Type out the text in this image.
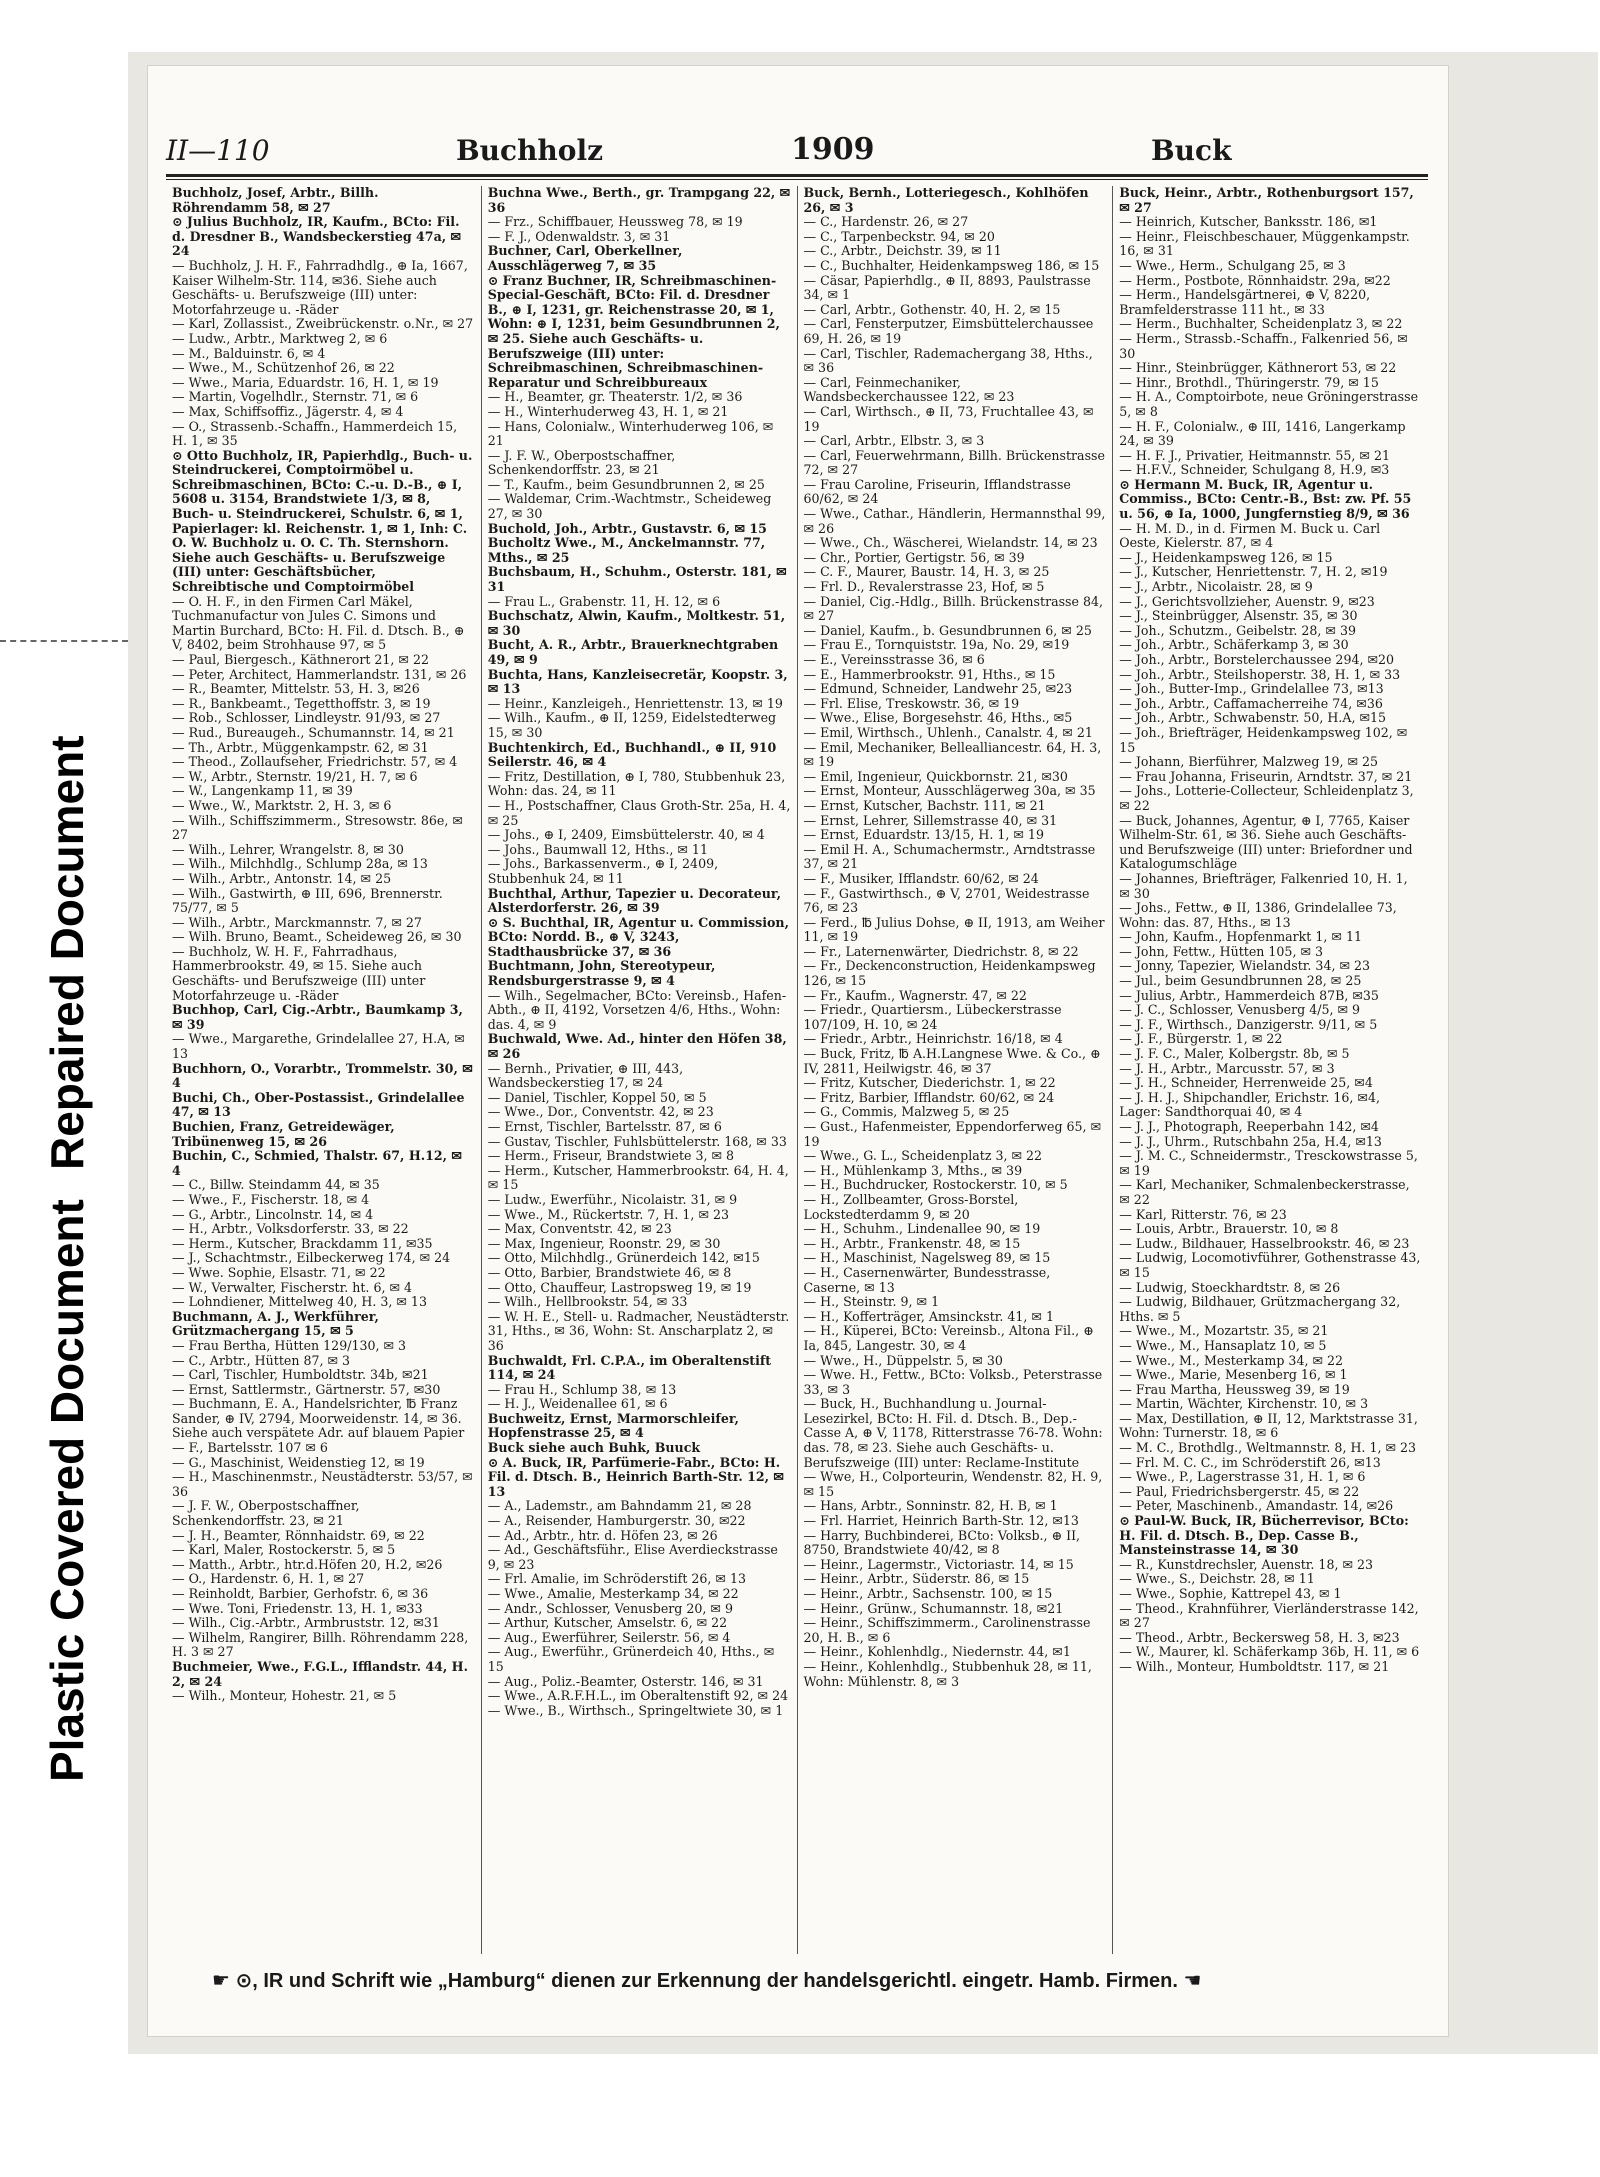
Repaired Document
Plastic Covered Document
II—110	Buchholz	1909	Buck

Buchholz, Josef, Arbtr., Billh. Röhrendamm 58, ✉ 27

⊙ Julius Buchholz, IR, Kaufm., BCto: Fil. d. Dresdner B., Wandsbeckerstieg 47a, ✉ 24

— Buchholz, J. H. F., Fahrradhdlg., ⊕ Ia, 1667, Kaiser Wilhelm-Str. 114, ✉36. Siehe auch Geschäfts- u. Berufszweige (III) unter: Motorfahrzeuge u. -Räder

— Karl, Zollassist., Zweibrückenstr. o.Nr., ✉ 27

— Ludw., Arbtr., Marktweg 2, ✉ 6

— M., Balduinstr. 6, ✉ 4

— Wwe., M., Schützenhof 26, ✉ 22

— Wwe., Maria, Eduardstr. 16, H. 1, ✉ 19

— Martin, Vogelhdlr., Sternstr. 71, ✉ 6

— Max, Schiffsoffiz., Jägerstr. 4, ✉ 4

— O., Strassenb.-Schaffn., Hammerdeich 15, H. 1, ✉ 35

⊙ Otto Buchholz, IR, Papierhdlg., Buch- u. Steindruckerei, Comptoirmöbel u. Schreibmaschinen, BCto: C.-u. D.-B., ⊕ I, 5608 u. 3154, Brandstwiete 1/3, ✉ 8, Buch- u. Steindruckerei, Schulstr. 6, ✉ 1, Papierlager: kl. Reichenstr. 1, ✉ 1, Inh: C. O. W. Buchholz u. O. C. Th. Sternshorn. Siehe auch Geschäfts- u. Berufszweige (III) unter: Geschäftsbücher, Schreibtische und Comptoirmöbel

— O. H. F., in den Firmen Carl Mäkel, Tuchmanufactur von Jules C. Simons und Martin Burchard, BCto: H. Fil. d. Dtsch. B., ⊕ V, 8402, beim Strohhause 97, ✉ 5

— Paul, Biergesch., Käthnerort 21, ✉ 22

— Peter, Architect, Hammerlandstr. 131, ✉ 26

— R., Beamter, Mittelstr. 53, H. 3, ✉26

— R., Bankbeamt., Tegetthoffstr. 3, ✉ 19

— Rob., Schlosser, Lindleystr. 91/93, ✉ 27

— Rud., Bureaugeh., Schumannstr. 14, ✉ 21

— Th., Arbtr., Müggenkampstr. 62, ✉ 31

— Theod., Zollaufseher, Friedrichstr. 57, ✉ 4

— W., Arbtr., Sternstr. 19/21, H. 7, ✉ 6

— W., Langenkamp 11, ✉ 39

— Wwe., W., Marktstr. 2, H. 3, ✉ 6

— Wilh., Schiffszimmerm., Stresowstr. 86e, ✉ 27

— Wilh., Lehrer, Wrangelstr. 8, ✉ 30

— Wilh., Milchhdlg., Schlump 28a, ✉ 13

— Wilh., Arbtr., Antonstr. 14, ✉ 25

— Wilh., Gastwirth, ⊕ III, 696, Brennerstr. 75/77, ✉ 5

— Wilh., Arbtr., Marckmannstr. 7, ✉ 27

— Wilh. Bruno, Beamt., Scheideweg 26, ✉ 30

— Buchholz, W. H. F., Fahrradhaus, Hammerbrookstr. 49, ✉ 15. Siehe auch Geschäfts- und Berufszweige (III) unter Motorfahrzeuge u. -Räder

Buchhop, Carl, Cig.-Arbtr., Baumkamp 3, ✉ 39

— Wwe., Margarethe, Grindelallee 27, H.A, ✉ 13

Buchhorn, O., Vorarbtr., Trommelstr. 30, ✉ 4

Buchi, Ch., Ober-Postassist., Grindelallee 47, ✉ 13

Buchien, Franz, Getreidewäger, Tribünenweg 15, ✉ 26

Buchin, C., Schmied, Thalstr. 67, H.12, ✉ 4

— C., Billw. Steindamm 44, ✉ 35

— Wwe., F., Fischerstr. 18, ✉ 4

— G., Arbtr., Lincolnstr. 14, ✉ 4

— H., Arbtr., Volksdorferstr. 33, ✉ 22

— Herm., Kutscher, Brackdamm 11, ✉35

— J., Schachtmstr., Eilbeckerweg 174, ✉ 24

— Wwe. Sophie, Elsastr. 71, ✉ 22

— W., Verwalter, Fischerstr. ht. 6, ✉ 4

— Lohndiener, Mittelweg 40, H. 3, ✉ 13

Buchmann, A. J., Werkführer, Grützmachergang 15, ✉ 5

— Frau Bertha, Hütten 129/130, ✉ 3

— C., Arbtr., Hütten 87, ✉ 3

— Carl, Tischler, Humboldtstr. 34b, ✉21

— Ernst, Sattlermstr., Gärtnerstr. 57, ✉30

— Buchmann, E. A., Handelsrichter, ℔ Franz Sander, ⊕ IV, 2794, Moorweidenstr. 14, ✉ 36. Siehe auch verspätete Adr. auf blauem Papier

— F., Bartelsstr. 107 ✉ 6

— G., Maschinist, Weidenstieg 12, ✉ 19

— H., Maschinenmstr., Neustädterstr. 53/57, ✉ 36

— J. F. W., Oberpostschaffner, Schenkendorffstr. 23, ✉ 21

— J. H., Beamter, Rönnhaidstr. 69, ✉ 22

— Karl, Maler, Rostockerstr. 5, ✉ 5

— Matth., Arbtr., htr.d.Höfen 20, H.2, ✉26

— O., Hardenstr. 6, H. 1, ✉ 27

— Reinholdt, Barbier, Gerhofstr. 6, ✉ 36

— Wwe. Toni, Friedenstr. 13, H. 1, ✉33

— Wilh., Cig.-Arbtr., Armbruststr. 12, ✉31

— Wilhelm, Rangirer, Billh. Röhrendamm 228, H. 3 ✉ 27

Buchmeier, Wwe., F.G.L., Ifflandstr. 44, H. 2, ✉ 24

— Wilh., Monteur, Hohestr. 21, ✉ 5

Buchna Wwe., Berth., gr. Trampgang 22, ✉ 36

— Frz., Schiffbauer, Heussweg 78, ✉ 19

— F. J., Odenwaldstr. 3, ✉ 31

Buchner, Carl, Oberkellner, Ausschlägerweg 7, ✉ 35

⊙ Franz Buchner, IR, Schreibmaschinen-Special-Geschäft, BCto: Fil. d. Dresdner B., ⊕ I, 1231, gr. Reichenstrasse 20, ✉ 1, Wohn: ⊕ I, 1231, beim Gesundbrunnen 2, ✉ 25. Siehe auch Geschäfts- u. Berufszweige (III) unter: Schreibmaschinen, Schreibmaschinen-Reparatur und Schreibbureaux

— H., Beamter, gr. Theaterstr. 1/2, ✉ 36

— H., Winterhuderweg 43, H. 1, ✉ 21

— Hans, Colonialw., Winterhuderweg 106, ✉ 21

— J. F. W., Oberpostschaffner, Schenkendorffstr. 23, ✉ 21

— T., Kaufm., beim Gesundbrunnen 2, ✉ 25

— Waldemar, Crim.-Wachtmstr., Scheideweg 27, ✉ 30

Buchold, Joh., Arbtr., Gustavstr. 6, ✉ 15

Bucholtz Wwe., M., Anckelmannstr. 77, Mths., ✉ 25

Buchsbaum, H., Schuhm., Osterstr. 181, ✉ 31

— Frau L., Grabenstr. 11, H. 12, ✉ 6

Buchschatz, Alwin, Kaufm., Moltkestr. 51, ✉ 30

Bucht, A. R., Arbtr., Brauerknechtgraben 49, ✉ 9

Buchta, Hans, Kanzleisecretär, Koopstr. 3, ✉ 13

— Heinr., Kanzleigeh., Henriettenstr. 13, ✉ 19

— Wilh., Kaufm., ⊕ II, 1259, Eidelstedterweg 15, ✉ 30

Buchtenkirch, Ed., Buchhandl., ⊕ II, 910 Seilerstr. 46, ✉ 4

— Fritz, Destillation, ⊕ I, 780, Stubbenhuk 23, Wohn: das. 24, ✉ 11

— H., Postschaffner, Claus Groth-Str. 25a, H. 4, ✉ 25

— Johs., ⊕ I, 2409, Eimsbüttelerstr. 40, ✉ 4

— Johs., Baumwall 12, Hths., ✉ 11

— Johs., Barkassenverm., ⊕ I, 2409, Stubbenhuk 24, ✉ 11

Buchthal, Arthur, Tapezier u. Decorateur, Alsterdorferstr. 26, ✉ 39

⊙ S. Buchthal, IR, Agentur u. Commission, BCto: Nordd. B., ⊕ V, 3243, Stadthausbrücke 37, ✉ 36

Buchtmann, John, Stereotypeur, Rendsburgerstrasse 9, ✉ 4

— Wilh., Segelmacher, BCto: Vereinsb., Hafen-Abth., ⊕ II, 4192, Vorsetzen 4/6, Hths., Wohn: das. 4, ✉ 9

Buchwald, Wwe. Ad., hinter den Höfen 38, ✉ 26

— Bernh., Privatier, ⊕ III, 443, Wandsbeckerstieg 17, ✉ 24

— Daniel, Tischler, Koppel 50, ✉ 5

— Wwe., Dor., Conventstr. 42, ✉ 23

— Ernst, Tischler, Bartelsstr. 87, ✉ 6

— Gustav, Tischler, Fuhlsbüttelerstr. 168, ✉ 33

— Herm., Friseur, Brandstwiete 3, ✉ 8

— Herm., Kutscher, Hammerbrookstr. 64, H. 4, ✉ 15

— Ludw., Ewerführ., Nicolaistr. 31, ✉ 9

— Wwe., M., Rückertstr. 7, H. 1, ✉ 23

— Max, Conventstr. 42, ✉ 23

— Max, Ingenieur, Roonstr. 29, ✉ 30

— Otto, Milchhdlg., Grünerdeich 142, ✉15

— Otto, Barbier, Brandstwiete 46, ✉ 8

— Otto, Chauffeur, Lastropsweg 19, ✉ 19

— Wilh., Hellbrookstr. 54, ✉ 33

— W. H. E., Stell- u. Radmacher, Neustädterstr. 31, Hths., ✉ 36, Wohn: St. Anscharplatz 2, ✉ 36

Buchwaldt, Frl. C.P.A., im Oberaltenstift 114, ✉ 24

— Frau H., Schlump 38, ✉ 13

— H. J., Weidenallee 61, ✉ 6

Buchweitz, Ernst, Marmorschleifer, Hopfenstrasse 25, ✉ 4

Buck siehe auch Buhk, Buuck

⊙ A. Buck, IR, Parfümerie-Fabr., BCto: H. Fil. d. Dtsch. B., Heinrich Barth-Str. 12, ✉ 13

— A., Lademstr., am Bahndamm 21, ✉ 28

— A., Reisender, Hamburgerstr. 30, ✉22

— Ad., Arbtr., htr. d. Höfen 23, ✉ 26

— Ad., Geschäftsführ., Elise Averdieckstrasse 9, ✉ 23

— Frl. Amalie, im Schröderstift 26, ✉ 13

— Wwe., Amalie, Mesterkamp 34, ✉ 22

— Andr., Schlosser, Venusberg 20, ✉ 9

— Arthur, Kutscher, Amselstr. 6, ✉ 22

— Aug., Ewerführer, Seilerstr. 56, ✉ 4

— Aug., Ewerführ., Grünerdeich 40, Hths., ✉ 15

— Aug., Poliz.-Beamter, Osterstr. 146, ✉ 31

— Wwe., A.R.F.H.L., im Oberaltenstift 92, ✉ 24

— Wwe., B., Wirthsch., Springeltwiete 30, ✉ 1

Buck, Bernh., Lotteriegesch., Kohlhöfen 26, ✉ 3

— C., Hardenstr. 26, ✉ 27

— C., Tarpenbeckstr. 94, ✉ 20

— C., Arbtr., Deichstr. 39, ✉ 11

— C., Buchhalter, Heidenkampsweg 186, ✉ 15

— Cäsar, Papierhdlg., ⊕ II, 8893, Paulstrasse 34, ✉ 1

— Carl, Arbtr., Gothenstr. 40, H. 2, ✉ 15

— Carl, Fensterputzer, Eimsbüttelerchaussee 69, H. 26, ✉ 19

— Carl, Tischler, Rademachergang 38, Hths., ✉ 36

— Carl, Feinmechaniker, Wandsbeckerchaussee 122, ✉ 23

— Carl, Wirthsch., ⊕ II, 73, Fruchtallee 43, ✉ 19

— Carl, Arbtr., Elbstr. 3, ✉ 3

— Carl, Feuerwehrmann, Billh. Brückenstrasse 72, ✉ 27

— Frau Caroline, Friseurin, Ifflandstrasse 60/62, ✉ 24

— Wwe., Cathar., Händlerin, Hermannsthal 99, ✉ 26

— Wwe., Ch., Wäscherei, Wielandstr. 14, ✉ 23

— Chr., Portier, Gertigstr. 56, ✉ 39

— C. F., Maurer, Baustr. 14, H. 3, ✉ 25

— Frl. D., Revalerstrasse 23, Hof, ✉ 5

— Daniel, Cig.-Hdlg., Billh. Brückenstrasse 84, ✉ 27

— Daniel, Kaufm., b. Gesundbrunnen 6, ✉ 25

— Frau E., Tornquiststr. 19a, No. 29, ✉19

— E., Vereinsstrasse 36, ✉ 6

— E., Hammerbrookstr. 91, Hths., ✉ 15

— Edmund, Schneider, Landwehr 25, ✉23

— Frl. Elise, Treskowstr. 36, ✉ 19

— Wwe., Elise, Borgesehstr. 46, Hths., ✉5

— Emil, Wirthsch., Uhlenh., Canalstr. 4, ✉ 21

— Emil, Mechaniker, Bellealliancestr. 64, H. 3, ✉ 19

— Emil, Ingenieur, Quickbornstr. 21, ✉30

— Ernst, Monteur, Ausschlägerweg 30a, ✉ 35

— Ernst, Kutscher, Bachstr. 111, ✉ 21

— Ernst, Lehrer, Sillemstrasse 40, ✉ 31

— Ernst, Eduardstr. 13/15, H. 1, ✉ 19

— Emil H. A., Schumachermstr., Arndtstrasse 37, ✉ 21

— F., Musiker, Ifflandstr. 60/62, ✉ 24

— F., Gastwirthsch., ⊕ V, 2701, Weidestrasse 76, ✉ 23

— Ferd., ℔ Julius Dohse, ⊕ II, 1913, am Weiher 11, ✉ 19

— Fr., Laternenwärter, Diedrichstr. 8, ✉ 22

— Fr., Deckenconstruction, Heidenkampsweg 126, ✉ 15

— Fr., Kaufm., Wagnerstr. 47, ✉ 22

— Friedr., Quartiersm., Lübeckerstrasse 107/109, H. 10, ✉ 24

— Friedr., Arbtr., Heinrichstr. 16/18, ✉ 4

— Buck, Fritz, ℔ A.H.Langnese Wwe. & Co., ⊕ IV, 2811, Heilwigstr. 46, ✉ 37

— Fritz, Kutscher, Diederichstr. 1, ✉ 22

— Fritz, Barbier, Ifflandstr. 60/62, ✉ 24

— G., Commis, Malzweg 5, ✉ 25

— Gust., Hafenmeister, Eppendorferweg 65, ✉ 19

— Wwe., G. L., Scheidenplatz 3, ✉ 22

— H., Mühlenkamp 3, Mths., ✉ 39

— H., Buchdrucker, Rostockerstr. 10, ✉ 5

— H., Zollbeamter, Gross-Borstel, Lockstedterdamm 9, ✉ 20

— H., Schuhm., Lindenallee 90, ✉ 19

— H., Arbtr., Frankenstr. 48, ✉ 15

— H., Maschinist, Nagelsweg 89, ✉ 15

— H., Casernenwärter, Bundesstrasse, Caserne, ✉ 13

— H., Steinstr. 9, ✉ 1

— H., Kofferträger, Amsinckstr. 41, ✉ 1

— H., Küperei, BCto: Vereinsb., Altona Fil., ⊕ Ia, 845, Langestr. 30, ✉ 4

— Wwe., H., Düppelstr. 5, ✉ 30

— Wwe. H., Fettw., BCto: Volksb., Peterstrasse 33, ✉ 3

— Buck, H., Buchhandlung u. Journal-Lesezirkel, BCto: H. Fil. d. Dtsch. B., Dep.-Casse A, ⊕ V, 1178, Ritterstrasse 76-78. Wohn: das. 78, ✉ 23. Siehe auch Geschäfts- u. Berufszweige (III) unter: Reclame-Institute

— Wwe, H., Colporteurin, Wendenstr. 82, H. 9, ✉ 15

— Hans, Arbtr., Sonninstr. 82, H. B, ✉ 1

— Frl. Harriet, Heinrich Barth-Str. 12, ✉13

— Harry, Buchbinderei, BCto: Volksb., ⊕ II, 8750, Brandstwiete 40/42, ✉ 8

— Heinr., Lagermstr., Victoriastr. 14, ✉ 15

— Heinr., Arbtr., Süderstr. 86, ✉ 15

— Heinr., Arbtr., Sachsenstr. 100, ✉ 15

— Heinr., Grünw., Schumannstr. 18, ✉21

— Heinr., Schiffszimmerm., Carolinenstrasse 20, H. B., ✉ 6

— Heinr., Kohlenhdlg., Niedernstr. 44, ✉1

— Heinr., Kohlenhdlg., Stubbenhuk 28, ✉ 11, Wohn: Mühlenstr. 8, ✉ 3

Buck, Heinr., Arbtr., Rothenburgsort 157, ✉ 27

— Heinrich, Kutscher, Banksstr. 186, ✉1

— Heinr., Fleischbeschauer, Müggenkampstr. 16, ✉ 31

— Wwe., Herm., Schulgang 25, ✉ 3

— Herm., Postbote, Rönnhaidstr. 29a, ✉22

— Herm., Handelsgärtnerei, ⊕ V, 8220, Bramfelderstrasse 111 ht., ✉ 33

— Herm., Buchhalter, Scheidenplatz 3, ✉ 22

— Herm., Strassb.-Schaffn., Falkenried 56, ✉ 30

— Hinr., Steinbrügger, Käthnerort 53, ✉ 22

— Hinr., Brothdl., Thüringerstr. 79, ✉ 15

— H. A., Comptoirbote, neue Gröningerstrasse 5, ✉ 8

— H. F., Colonialw., ⊕ III, 1416, Langerkamp 24, ✉ 39

— H. F. J., Privatier, Heitmannstr. 55, ✉ 21

— H.F.V., Schneider, Schulgang 8, H.9, ✉3

⊙ Hermann M. Buck, IR, Agentur u. Commiss., BCto: Centr.-B., Bst: zw. Pf. 55 u. 56, ⊕ Ia, 1000, Jungfernstieg 8/9, ✉ 36

— H. M. D., in d. Firmen M. Buck u. Carl Oeste, Kielerstr. 87, ✉ 4

— J., Heidenkampsweg 126, ✉ 15

— J., Kutscher, Henriettenstr. 7, H. 2, ✉19

— J., Arbtr., Nicolaistr. 28, ✉ 9

— J., Gerichtsvollzieher, Auenstr. 9, ✉23

— J., Steinbrügger, Alsenstr. 35, ✉ 30

— Joh., Schutzm., Geibelstr. 28, ✉ 39

— Joh., Arbtr., Schäferkamp 3, ✉ 30

— Joh., Arbtr., Borstelerchaussee 294, ✉20

— Joh., Arbtr., Steilshoperstr. 38, H. 1, ✉ 33

— Joh., Butter-Imp., Grindelallee 73, ✉13

— Joh., Arbtr., Caffamacherreihe 74, ✉36

— Joh., Arbtr., Schwabenstr. 50, H.A, ✉15

— Joh., Briefträger, Heidenkampsweg 102, ✉ 15

— Johann, Bierführer, Malzweg 19, ✉ 25

— Frau Johanna, Friseurin, Arndtstr. 37, ✉ 21

— Johs., Lotterie-Collecteur, Schleidenplatz 3, ✉ 22

— Buck, Johannes, Agentur, ⊕ I, 7765, Kaiser Wilhelm-Str. 61, ✉ 36. Siehe auch Geschäfts- und Berufszweige (III) unter: Briefordner und Katalogumschläge

— Johannes, Briefträger, Falkenried 10, H. 1, ✉ 30

— Johs., Fettw., ⊕ II, 1386, Grindelallee 73, Wohn: das. 87, Hths., ✉ 13

— John, Kaufm., Hopfenmarkt 1, ✉ 11

— John, Fettw., Hütten 105, ✉ 3

— Jonny, Tapezier, Wielandstr. 34, ✉ 23

— Jul., beim Gesundbrunnen 28, ✉ 25

— Julius, Arbtr., Hammerdeich 87B, ✉35

— J. C., Schlosser, Venusberg 4/5, ✉ 9

— J. F., Wirthsch., Danzigerstr. 9/11, ✉ 5

— J. F., Bürgerstr. 1, ✉ 22

— J. F. C., Maler, Kolbergstr. 8b, ✉ 5

— J. H., Arbtr., Marcusstr. 57, ✉ 3

— J. H., Schneider, Herrenweide 25, ✉4

— J. H. J., Shipchandler, Erichstr. 16, ✉4, Lager: Sandthorquai 40, ✉ 4

— J. J., Photograph, Reeperbahn 142, ✉4

— J. J., Uhrm., Rutschbahn 25a, H.4, ✉13

— J. M. C., Schneidermstr., Tresckowstrasse 5, ✉ 19

— Karl, Mechaniker, Schmalenbeckerstrasse, ✉ 22

— Karl, Ritterstr. 76, ✉ 23

— Louis, Arbtr., Brauerstr. 10, ✉ 8

— Ludw., Bildhauer, Hasselbrookstr. 46, ✉ 23

— Ludwig, Locomotivführer, Gothenstrasse 43, ✉ 15

— Ludwig, Stoeckhardtstr. 8, ✉ 26

— Ludwig, Bildhauer, Grützmachergang 32, Hths. ✉ 5

— Wwe., M., Mozartstr. 35, ✉ 21

— Wwe., M., Hansaplatz 10, ✉ 5

— Wwe., M., Mesterkamp 34, ✉ 22

— Wwe., Marie, Mesenberg 16, ✉ 1

— Frau Martha, Heussweg 39, ✉ 19

— Martin, Wächter, Kirchenstr. 10, ✉ 3

— Max, Destillation, ⊕ II, 12, Marktstrasse 31, Wohn: Turnerstr. 18, ✉ 6

— M. C., Brothdlg., Weltmannstr. 8, H. 1, ✉ 23

— Frl. M. C. C., im Schröderstift 26, ✉13

— Wwe., P., Lagerstrasse 31, H. 1, ✉ 6

— Paul, Friedrichsbergerstr. 45, ✉ 22

— Peter, Maschinenb., Amandastr. 14, ✉26

⊙ Paul-W. Buck, IR, Bücherrevisor, BCto: H. Fil. d. Dtsch. B., Dep. Casse B., Mansteinstrasse 14, ✉ 30

— R., Kunstdrechsler, Auenstr. 18, ✉ 23

— Wwe., S., Deichstr. 28, ✉ 11

— Wwe., Sophie, Kattrepel 43, ✉ 1

— Theod., Krahnführer, Vierländerstrasse 142, ✉ 27

— Theod., Arbtr., Beckersweg 58, H. 3, ✉23

— W., Maurer, kl. Schäferkamp 36b, H. 11, ✉ 6

— Wilh., Monteur, Humboldtstr. 117, ✉ 21

☛ ⊙, IR und Schrift wie „Hamburg“ dienen zur Erkennung der handelsgerichtl. eingetr. Hamb. Firmen. ☚
